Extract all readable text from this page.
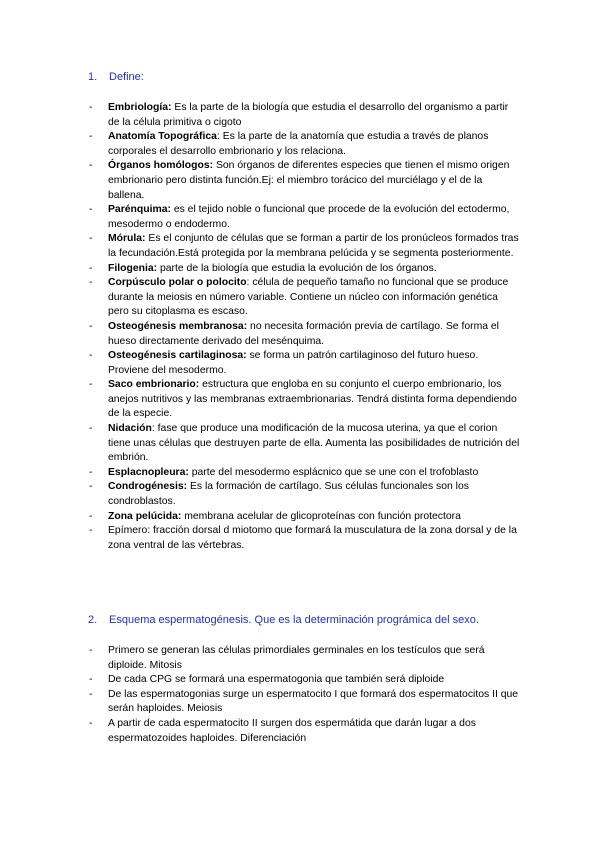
1. Define:
- Embriología: Es la parte de la biología que estudia el desarrollo del organismo a partir de la célula primitiva o cigoto
- Anatomía Topográfica: Es la parte de la anatomía que estudia a través de planos corporales el desarrollo embrionario y los relaciona.
- Órganos homólogos: Son órganos de diferentes especies que tienen el mismo origen embrionario pero distinta función.Ej: el miembro torácico del murciélago y el de la ballena.
- Parénquima: es el tejido noble o funcional que procede de la evolución del ectodermo, mesodermo o endodermo.
- Mórula: Es el conjunto de células que se forman a partir de los pronúcleos formados tras la fecundación.Está protegida por la membrana pelúcida y se segmenta posteriormente.
- Filogenia: parte de la biología que estudia la evolución de los órganos.
- Corpúsculo polar o polocito: célula de pequeño tamaño no funcional que se produce durante la meiosis en número variable. Contiene un núcleo con información genética pero su citoplasma es escaso.
- Osteogénesis membranosa: no necesita formación previa de cartílago. Se forma el hueso directamente derivado del mesénquima.
- Osteogénesis cartilaginosa: se forma un patrón cartilaginoso del futuro hueso. Proviene del mesodermo.
- Saco embrionario: estructura que engloba en su conjunto el cuerpo embrionario, los anejos nutritivos y las membranas extraembrionarias. Tendrá distinta forma dependiendo de la especie.
- Nidación: fase que produce una modificación de la mucosa uterina, ya que el corion tiene unas células que destruyen parte de ella. Aumenta las posibilidades de nutrición del embrión.
- Esplacnopleura: parte del mesodermo esplácnico que se une con el trofoblasto
- Condrogénesis: Es la formación de cartílago. Sus células funcionales son los condroblastos.
- Zona pelúcida: membrana acelular de glicoproteínas con función protectora
- Epímero: fracción dorsal d miotomo que formará la musculatura de la zona dorsal y de la zona ventral de las vértebras.
2. Esquema espermatogénesis. Que es la determinación prográmica del sexo.
- Primero se generan las células primordiales germinales en los testículos que será diploide. Mitosis
- De cada CPG se formará una espermatogonia que también será diploide
- De las espermatogonias surge un espermatocito I que formará dos espermatocitos II que serán haploides. Meiosis
- A partir de cada espermatocito II surgen dos espermátida que darán lugar a dos espermatozoides haploides. Diferenciación
